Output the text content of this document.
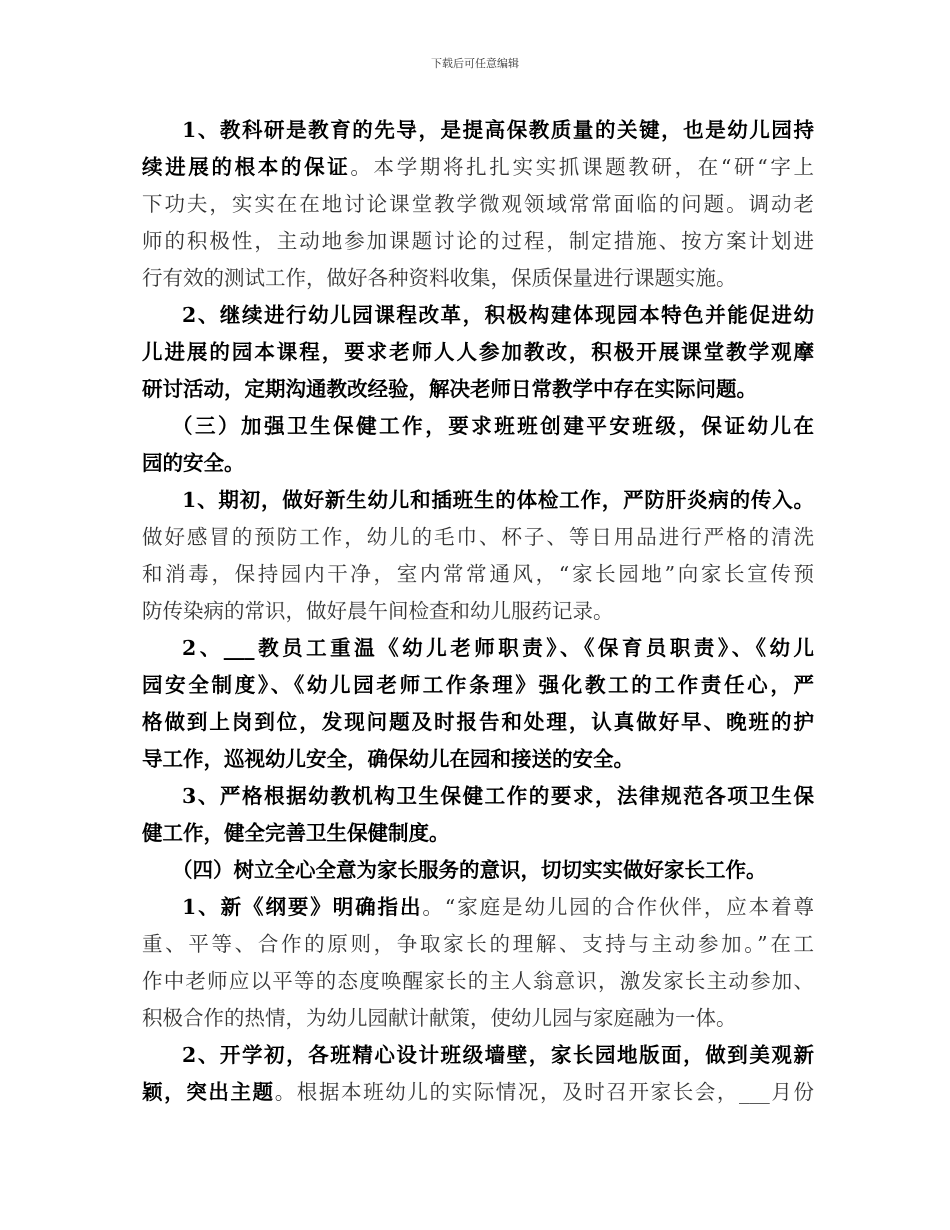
下载后可任意编辑
1、教科研是教育的先导，是提高保教质量的关键，也是幼儿园持
续进展的根本的保证。本学期将扎扎实实抓课题教研，在“研“字上
下功夫，实实在在地讨论课堂教学微观领域常常面临的问题。调动老
师的积极性，主动地参加课题讨论的过程，制定措施、按方案计划进
行有效的测试工作，做好各种资料收集，保质保量进行课题实施。
2、继续进行幼儿园课程改革，积极构建体现园本特色并能促进幼
儿进展的园本课程，要求老师人人参加教改，积极开展课堂教学观摩
研讨活动，定期沟通教改经验，解决老师日常教学中存在实际问题。
（三）加强卫生保健工作，要求班班创建平安班级，保证幼儿在
园的安全。
1、期初，做好新生幼儿和插班生的体检工作，严防肝炎病的传入。
做好感冒的预防工作，幼儿的毛巾、杯子、等日用品进行严格的清洗
和消毒，保持园内干净，室内常常通风，“家长园地”向家长宣传预
防传染病的常识，做好晨午间检查和幼儿服药记录。
2、___教员工重温《幼儿老师职责》、《保育员职责》、《幼儿
园安全制度》、《幼儿园老师工作条理》强化教工的工作责任心，严
格做到上岗到位，发现问题及时报告和处理，认真做好早、晚班的护
导工作，巡视幼儿安全，确保幼儿在园和接送的安全。
3、严格根据幼教机构卫生保健工作的要求，法律规范各项卫生保
健工作，健全完善卫生保健制度。
（四）树立全心全意为家长服务的意识，切切实实做好家长工作。
1、新《纲要》明确指出。“家庭是幼儿园的合作伙伴，应本着尊
重、平等、合作的原则，争取家长的理解、支持与主动参加。”在工
作中老师应以平等的态度唤醒家长的主人翁意识，激发家长主动参加、
积极合作的热情，为幼儿园献计献策，使幼儿园与家庭融为一体。
2、开学初，各班精心设计班级墙壁，家长园地版面，做到美观新
颖，突出主题。根据本班幼儿的实际情况，及时召开家长会，___月份
